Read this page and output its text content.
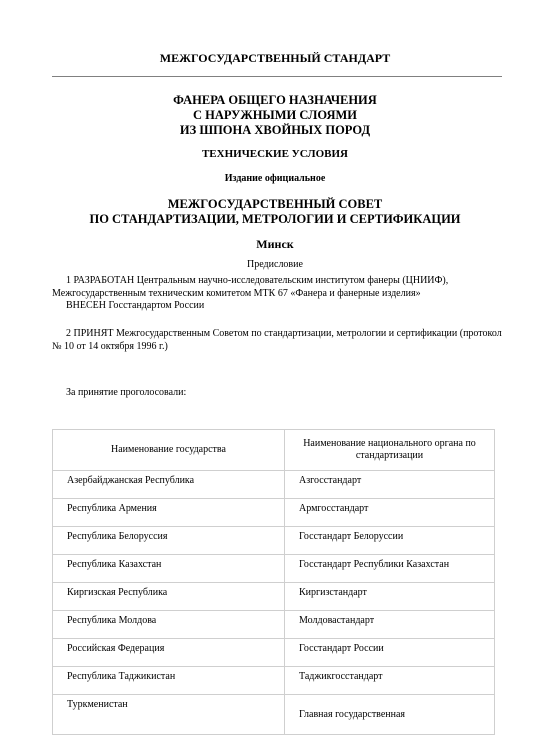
МЕЖГОСУДАРСТВЕННЫЙ СТАНДАРТ
ФАНЕРА ОБЩЕГО НАЗНАЧЕНИЯ
С НАРУЖНЫМИ СЛОЯМИ
ИЗ ШПОНА ХВОЙНЫХ ПОРОД
ТЕХНИЧЕСКИЕ УСЛОВИЯ
Издание официальное
МЕЖГОСУДАРСТВЕННЫЙ СОВЕТ
ПО СТАНДАРТИЗАЦИИ, МЕТРОЛОГИИ И СЕРТИФИКАЦИИ
Минск
Предисловие
1 РАЗРАБОТАН Центральным научно-исследовательским институтом фанеры (ЦНИИФ), Межгосударственным техническим комитетом МТК 67 «Фанера и фанерные изделия»
ВНЕСЕН Госстандартом России
2 ПРИНЯТ Межгосударственным Советом по стандартизации, метрологии и сертификации (протокол № 10 от 14 октября 1996 г.)
За принятие проголосовали:
Наименование государства	Наименование национального органа по стандартизации
Азербайджанская Республика	Азгосстандарт
Республика Армения	Армгосстандарт
Республика Белоруссия	Госстандарт Белоруссии
Республика Казахстан	Госстандарт Республики Казахстан
Киргизская Республика	Киргизстандарт
Республика Молдова	Молдовастандарт
Российская Федерация	Госстандарт России
Республика Таджикистан	Таджикгосстандарт
Туркменистан	Главная государственная
